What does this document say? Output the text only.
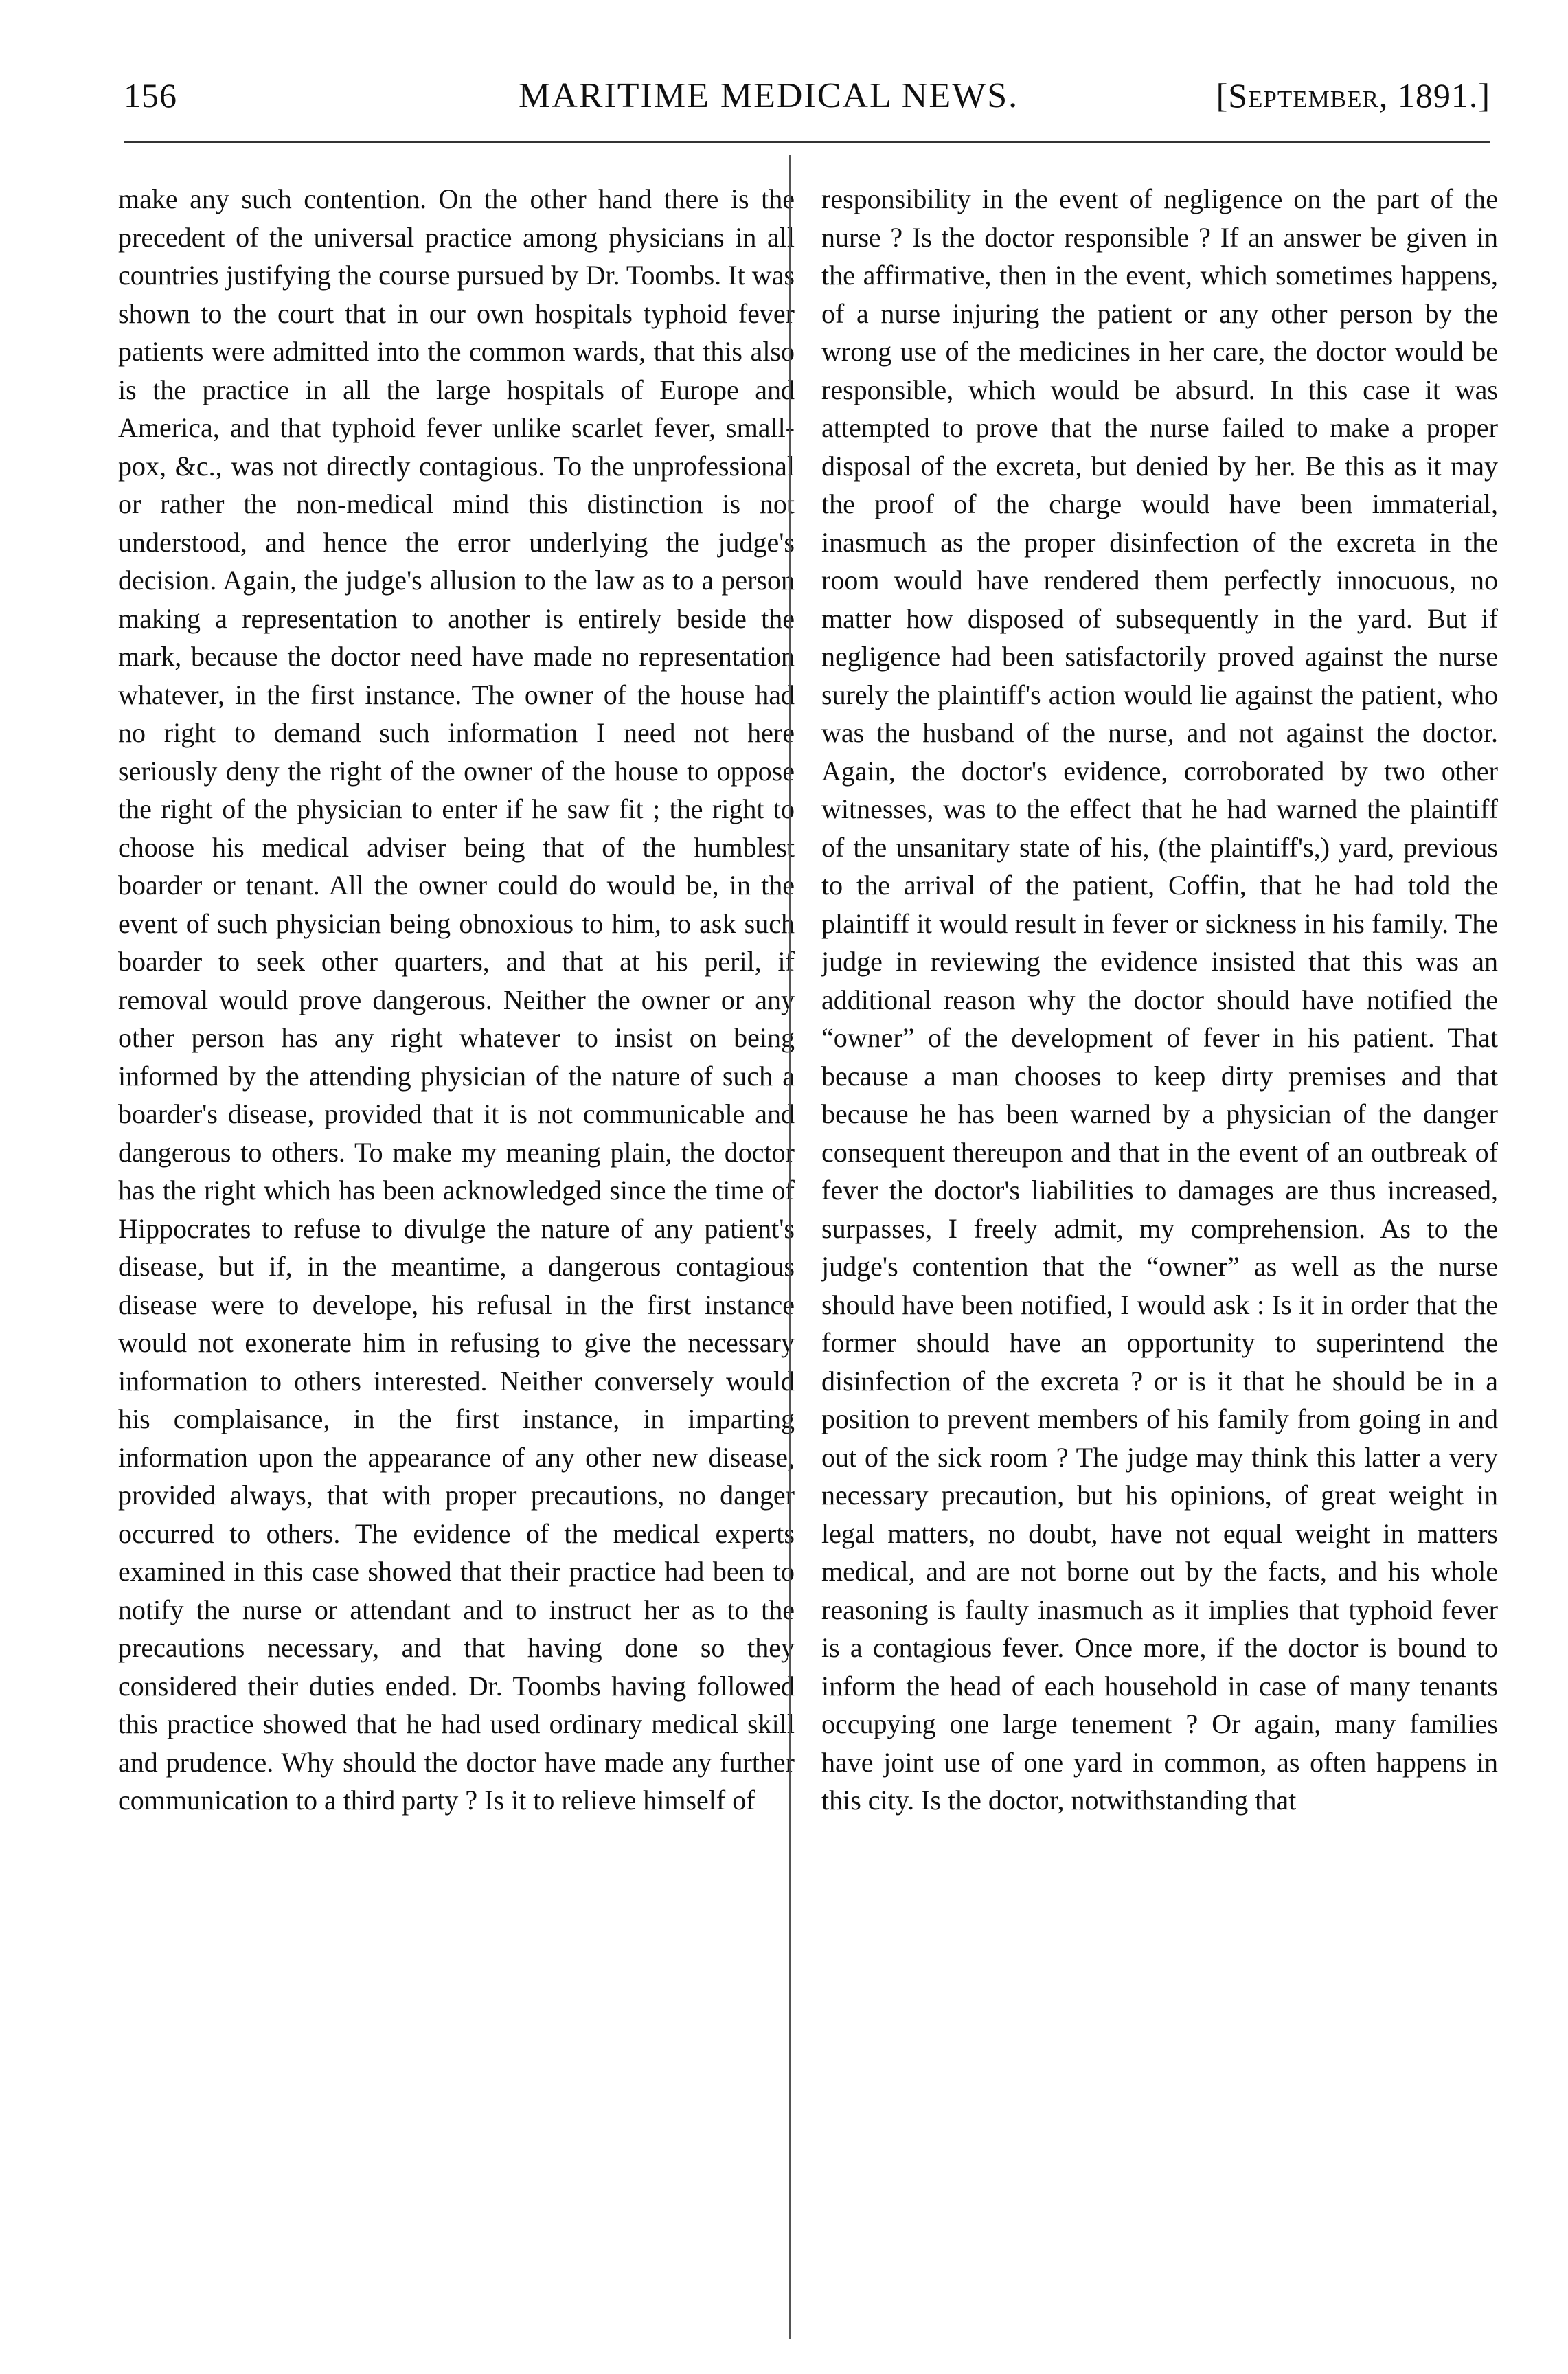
156	MARITIME MEDICAL NEWS.	[September, 1891.]

make any such contention. On the other hand there is the precedent of the universal practice among physicians in all countries justifying the course pursued by Dr. Toombs. It was shown to the court that in our own hospitals typhoid fever patients were admitted into the common wards, that this also is the practice in all the large hospitals of Europe and America, and that typhoid fever unlike scarlet fever, small-pox, &c., was not directly contagious. To the unprofessional or rather the non-medical mind this distinction is not understood, and hence the error underlying the judge's decision. Again, the judge's allusion to the law as to a person making a representation to another is entirely beside the mark, because the doctor need have made no representation whatever, in the first instance. The owner of the house had no right to demand such information I need not here seriously deny the right of the owner of the house to oppose the right of the physician to enter if he saw fit ; the right to choose his medical adviser being that of the humblest boarder or tenant. All the owner could do would be, in the event of such physician being obnoxious to him, to ask such boarder to seek other quarters, and that at his peril, if removal would prove dangerous. Neither the owner or any other person has any right whatever to insist on being informed by the attending physician of the nature of such a boarder's disease, provided that it is not communicable and dangerous to others. To make my meaning plain, the doctor has the right which has been acknowledged since the time of Hippocrates to refuse to divulge the nature of any patient's disease, but if, in the meantime, a dangerous contagious disease were to develope, his refusal in the first instance would not exonerate him in refusing to give the necessary information to others interested. Neither conversely would his complaisance, in the first instance, in imparting information upon the appearance of any other new disease, provided always, that with proper precautions, no danger occurred to others. The evidence of the medical experts examined in this case showed that their practice had been to notify the nurse or attendant and to instruct her as to the precautions necessary, and that having done so they considered their duties ended. Dr. Toombs having followed this practice showed that he had used ordinary medical skill and prudence. Why should the doctor have made any further communication to a third party ? Is it to relieve himself of

responsibility in the event of negligence on the part of the nurse ? Is the doctor responsible ? If an answer be given in the affirmative, then in the event, which sometimes happens, of a nurse injuring the patient or any other person by the wrong use of the medicines in her care, the doctor would be responsible, which would be absurd. In this case it was attempted to prove that the nurse failed to make a proper disposal of the excreta, but denied by her. Be this as it may the proof of the charge would have been immaterial, inasmuch as the proper disinfection of the excreta in the room would have rendered them perfectly innocuous, no matter how disposed of subsequently in the yard. But if negligence had been satisfactorily proved against the nurse surely the plaintiff's action would lie against the patient, who was the husband of the nurse, and not against the doctor. Again, the doctor's evidence, corroborated by two other witnesses, was to the effect that he had warned the plaintiff of the unsanitary state of his, (the plaintiff's,) yard, previous to the arrival of the patient, Coffin, that he had told the plaintiff it would result in fever or sickness in his family. The judge in reviewing the evidence insisted that this was an additional reason why the doctor should have notified the “owner” of the development of fever in his patient. That because a man chooses to keep dirty premises and that because he has been warned by a physician of the danger consequent thereupon and that in the event of an outbreak of fever the doctor's liabilities to damages are thus increased, surpasses, I freely admit, my comprehension. As to the judge's contention that the “owner” as well as the nurse should have been notified, I would ask : Is it in order that the former should have an opportunity to superintend the disinfection of the excreta ? or is it that he should be in a position to prevent members of his family from going in and out of the sick room ? The judge may think this latter a very necessary precaution, but his opinions, of great weight in legal matters, no doubt, have not equal weight in matters medical, and are not borne out by the facts, and his whole reasoning is faulty inasmuch as it implies that typhoid fever is a contagious fever. Once more, if the doctor is bound to inform the head of each household in case of many tenants occupying one large tenement ? Or again, many families have joint use of one yard in common, as often happens in this city. Is the doctor, notwithstanding that
